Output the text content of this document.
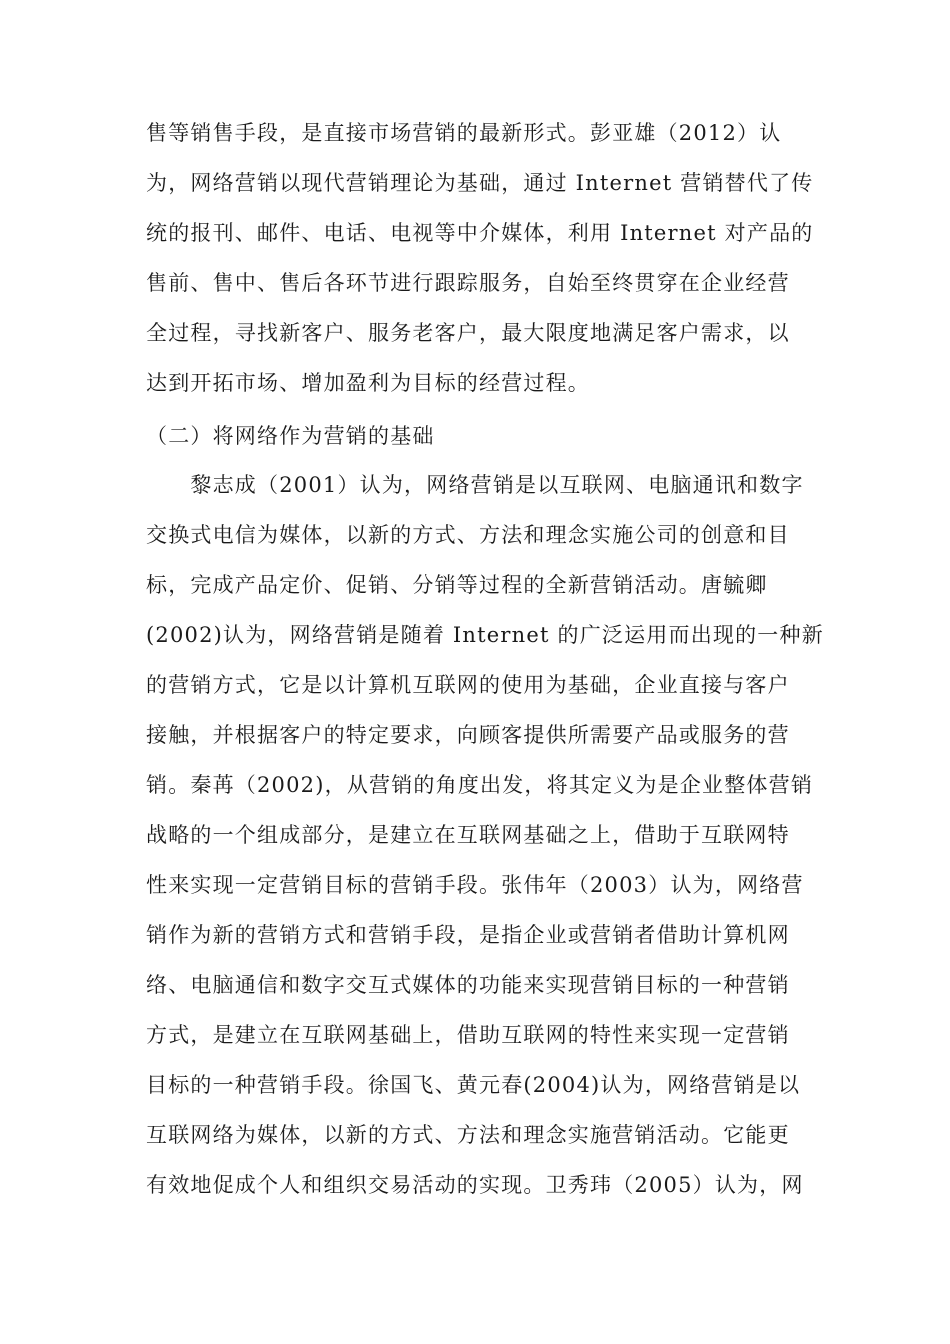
售等销售手段，是直接市场营销的最新形式。彭亚雄（2012）认
为，网络营销以现代营销理论为基础，通过 Internet 营销替代了传
统的报刊、邮件、电话、电视等中介媒体，利用 Internet 对产品的
售前、售中、售后各环节进行跟踪服务，自始至终贯穿在企业经营
全过程，寻找新客户、服务老客户，最大限度地满足客户需求，以
达到开拓市场、增加盈利为目标的经营过程。
（二）将网络作为营销的基础
　　黎志成（2001）认为，网络营销是以互联网、电脑通讯和数字
交换式电信为媒体，以新的方式、方法和理念实施公司的创意和目
标，完成产品定价、促销、分销等过程的全新营销活动。唐毓卿
(2002)认为，网络营销是随着 Internet 的广泛运用而出现的一种新
的营销方式，它是以计算机互联网的使用为基础，企业直接与客户
接触，并根据客户的特定要求，向顾客提供所需要产品或服务的营
销。秦苒（2002)，从营销的角度出发，将其定义为是企业整体营销
战略的一个组成部分，是建立在互联网基础之上，借助于互联网特
性来实现一定营销目标的营销手段。张伟年（2003）认为，网络营
销作为新的营销方式和营销手段，是指企业或营销者借助计算机网
络、电脑通信和数字交互式媒体的功能来实现营销目标的一种营销
方式，是建立在互联网基础上，借助互联网的特性来实现一定营销
目标的一种营销手段。徐国飞、黄元春(2004)认为，网络营销是以
互联网络为媒体，以新的方式、方法和理念实施营销活动。它能更
有效地促成个人和组织交易活动的实现。卫秀玮（2005）认为，网
